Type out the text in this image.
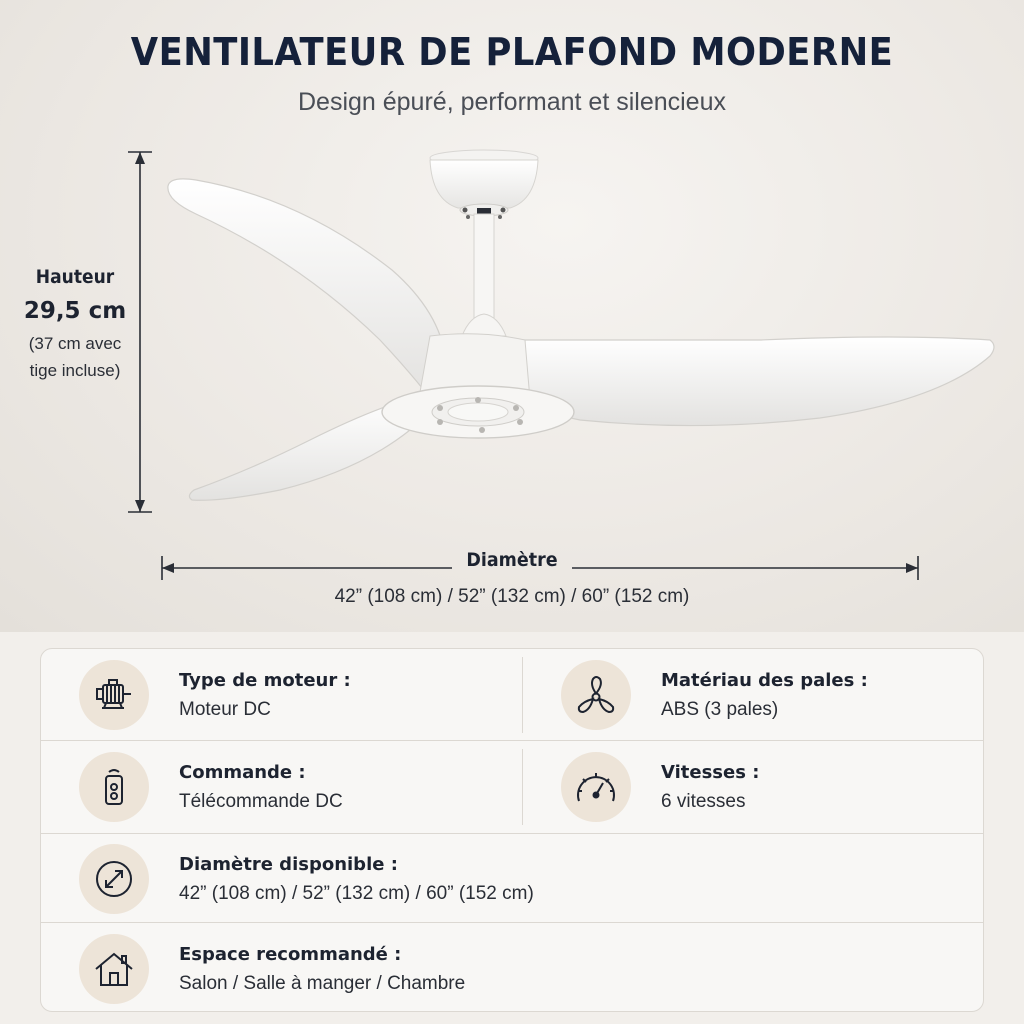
VENTILATEUR DE PLAFOND MODERNE
Design épuré, performant et silencieux
Hauteur
29,5 cm
(37 cm avec tige incluse)
Diamètre
42” (108 cm) / 52” (132 cm) / 60” (152 cm)
Type de moteur :
Moteur DC
Matériau des pales :
ABS (3 pales)
Commande :
Télécommande DC
Vitesses :
6 vitesses
Diamètre disponible :
42” (108 cm) / 52” (132 cm) / 60” (152 cm)
Espace recommandé :
Salon / Salle à manger / Chambre
